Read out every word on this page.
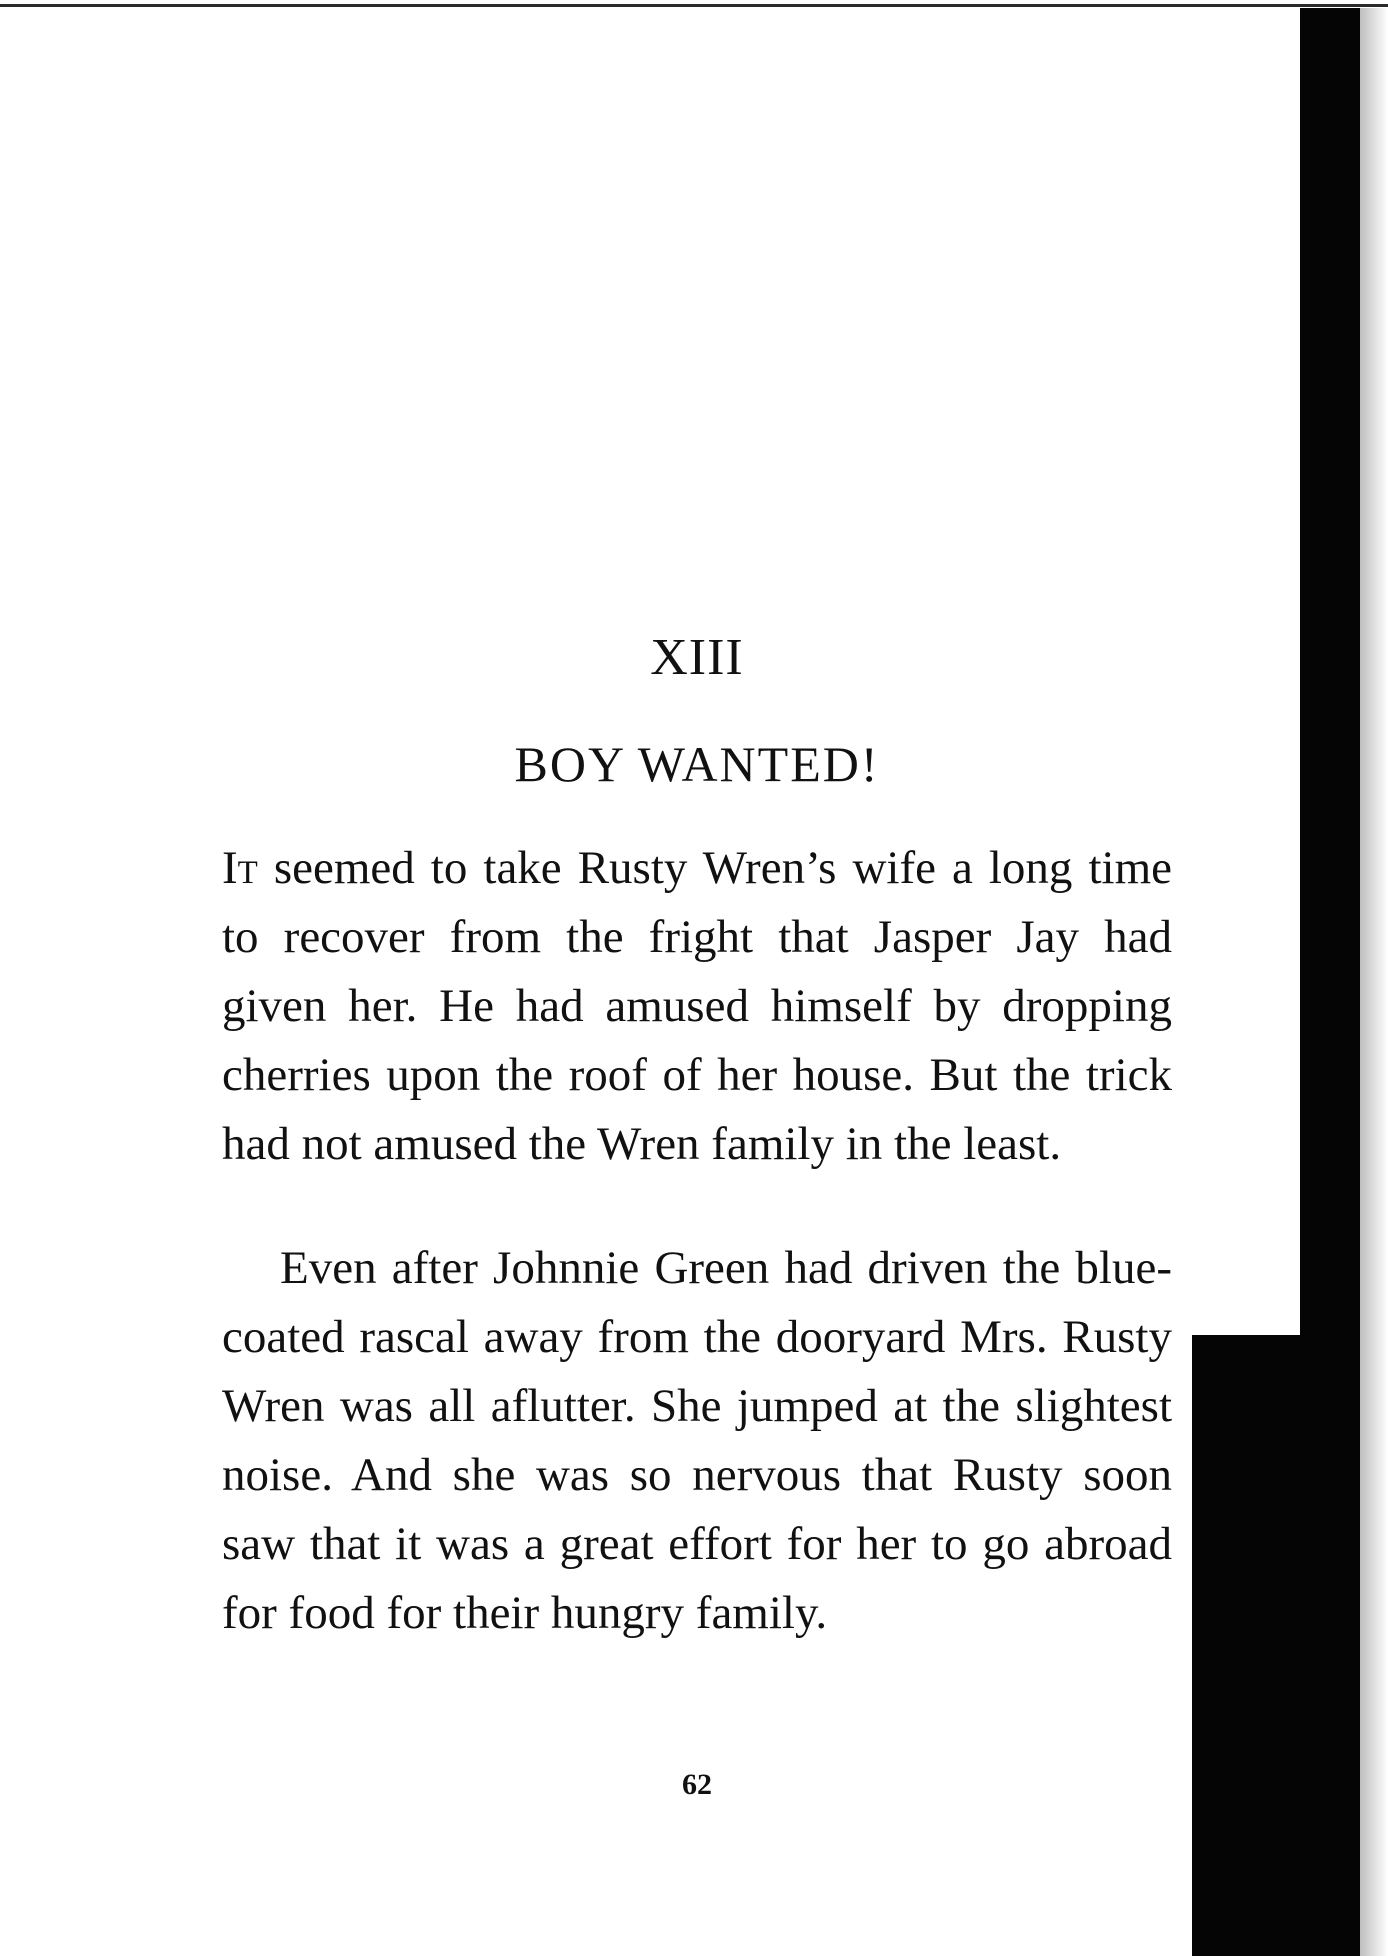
XIII
BOY WANTED!

It seemed to take Rusty Wren’s wife a long time to recover from the fright that Jasper Jay had given her. He had amused himself by dropping cherries upon the roof of her house. But the trick had not amused the Wren family in the least.

Even after Johnnie Green had driven the blue-coated rascal away from the dooryard Mrs. Rusty Wren was all aflutter. She jumped at the slightest noise. And she was so nervous that Rusty soon saw that it was a great effort for her to go abroad for food for their hungry family.

62
